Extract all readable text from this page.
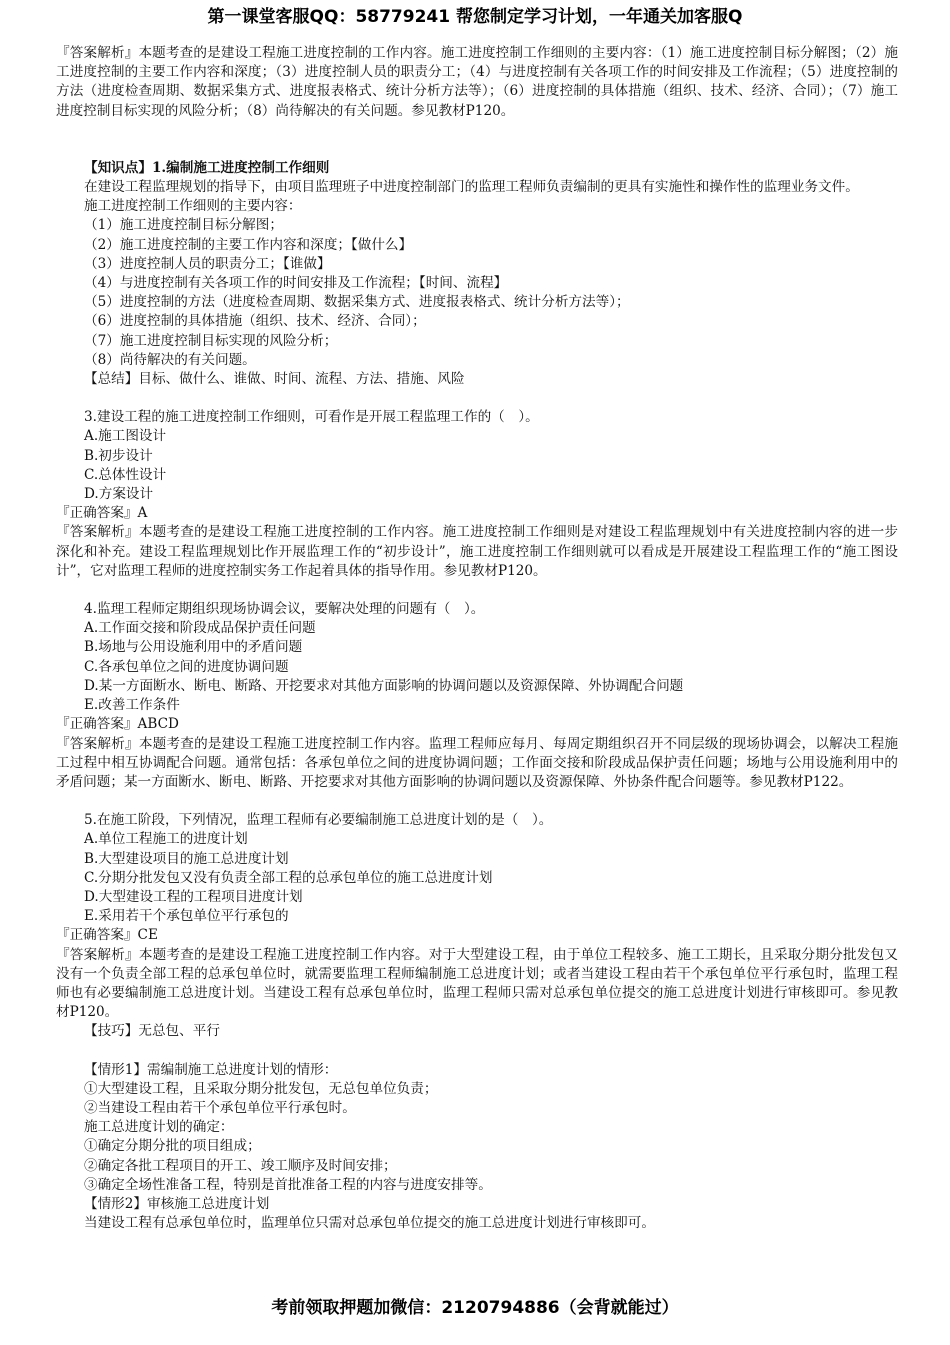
第一课堂客服QQ：58779241 帮您制定学习计划，一年通关加客服Q

『答案解析』本题考查的是建设工程施工进度控制的工作内容。施工进度控制工作细则的主要内容：（1）施工进度控制目标分解图；（2）施工进度控制的主要工作内容和深度；（3）进度控制人员的职责分工；（4）与进度控制有关各项工作的时间安排及工作流程；（5）进度控制的方法（进度检查周期、数据采集方式、进度报表格式、统计分析方法等）；（6）进度控制的具体措施（组织、技术、经济、合同）；（7）施工进度控制目标实现的风险分析；（8）尚待解决的有关问题。参见教材P120。

【知识点】1.编制施工进度控制工作细则

在建设工程监理规划的指导下，由项目监理班子中进度控制部门的监理工程师负责编制的更具有实施性和操作性的监理业务文件。

施工进度控制工作细则的主要内容：

（1）施工进度控制目标分解图；

（2）施工进度控制的主要工作内容和深度；【做什么】

（3）进度控制人员的职责分工；【谁做】

（4）与进度控制有关各项工作的时间安排及工作流程；【时间、流程】

（5）进度控制的方法（进度检查周期、数据采集方式、进度报表格式、统计分析方法等）；

（6）进度控制的具体措施（组织、技术、经济、合同）；

（7）施工进度控制目标实现的风险分析；

（8）尚待解决的有关问题。

【总结】目标、做什么、谁做、时间、流程、方法、措施、风险

3.建设工程的施工进度控制工作细则，可看作是开展工程监理工作的（　）。

A.施工图设计

B.初步设计

C.总体性设计

D.方案设计

『正确答案』A

『答案解析』本题考查的是建设工程施工进度控制的工作内容。施工进度控制工作细则是对建设工程监理规划中有关进度控制内容的进一步深化和补充。建设工程监理规划比作开展监理工作的“初步设计”，施工进度控制工作细则就可以看成是开展建设工程监理工作的“施工图设计”，它对监理工程师的进度控制实务工作起着具体的指导作用。参见教材P120。

4.监理工程师定期组织现场协调会议，要解决处理的问题有（　）。

A.工作面交接和阶段成品保护责任问题

B.场地与公用设施利用中的矛盾问题

C.各承包单位之间的进度协调问题

D.某一方面断水、断电、断路、开挖要求对其他方面影响的协调问题以及资源保障、外协调配合问题

E.改善工作条件

『正确答案』ABCD

『答案解析』本题考查的是建设工程施工进度控制工作内容。监理工程师应每月、每周定期组织召开不同层级的现场协调会，以解决工程施工过程中相互协调配合问题。通常包括：各承包单位之间的进度协调问题；工作面交接和阶段成品保护责任问题；场地与公用设施利用中的矛盾问题；某一方面断水、断电、断路、开挖要求对其他方面影响的协调问题以及资源保障、外协条件配合问题等。参见教材P122。

5.在施工阶段，下列情况，监理工程师有必要编制施工总进度计划的是（　）。

A.单位工程施工的进度计划

B.大型建设项目的施工总进度计划

C.分期分批发包又没有负责全部工程的总承包单位的施工总进度计划

D.大型建设工程的工程项目进度计划

E.采用若干个承包单位平行承包的

『正确答案』CE

『答案解析』本题考查的是建设工程施工进度控制工作内容。对于大型建设工程，由于单位工程较多、施工工期长，且采取分期分批发包又没有一个负责全部工程的总承包单位时，就需要监理工程师编制施工总进度计划；或者当建设工程由若干个承包单位平行承包时，监理工程师也有必要编制施工总进度计划。当建设工程有总承包单位时，监理工程师只需对总承包单位提交的施工总进度计划进行审核即可。参见教材P120。

【技巧】无总包、平行

【情形1】需编制施工总进度计划的情形：

①大型建设工程，且采取分期分批发包，无总包单位负责；

②当建设工程由若干个承包单位平行承包时。

施工总进度计划的确定：

①确定分期分批的项目组成；

②确定各批工程项目的开工、竣工顺序及时间安排；

③确定全场性准备工程，特别是首批准备工程的内容与进度安排等。

【情形2】审核施工总进度计划

当建设工程有总承包单位时，监理单位只需对总承包单位提交的施工总进度计划进行审核即可。

考前领取押题加微信：2120794886（会背就能过）
